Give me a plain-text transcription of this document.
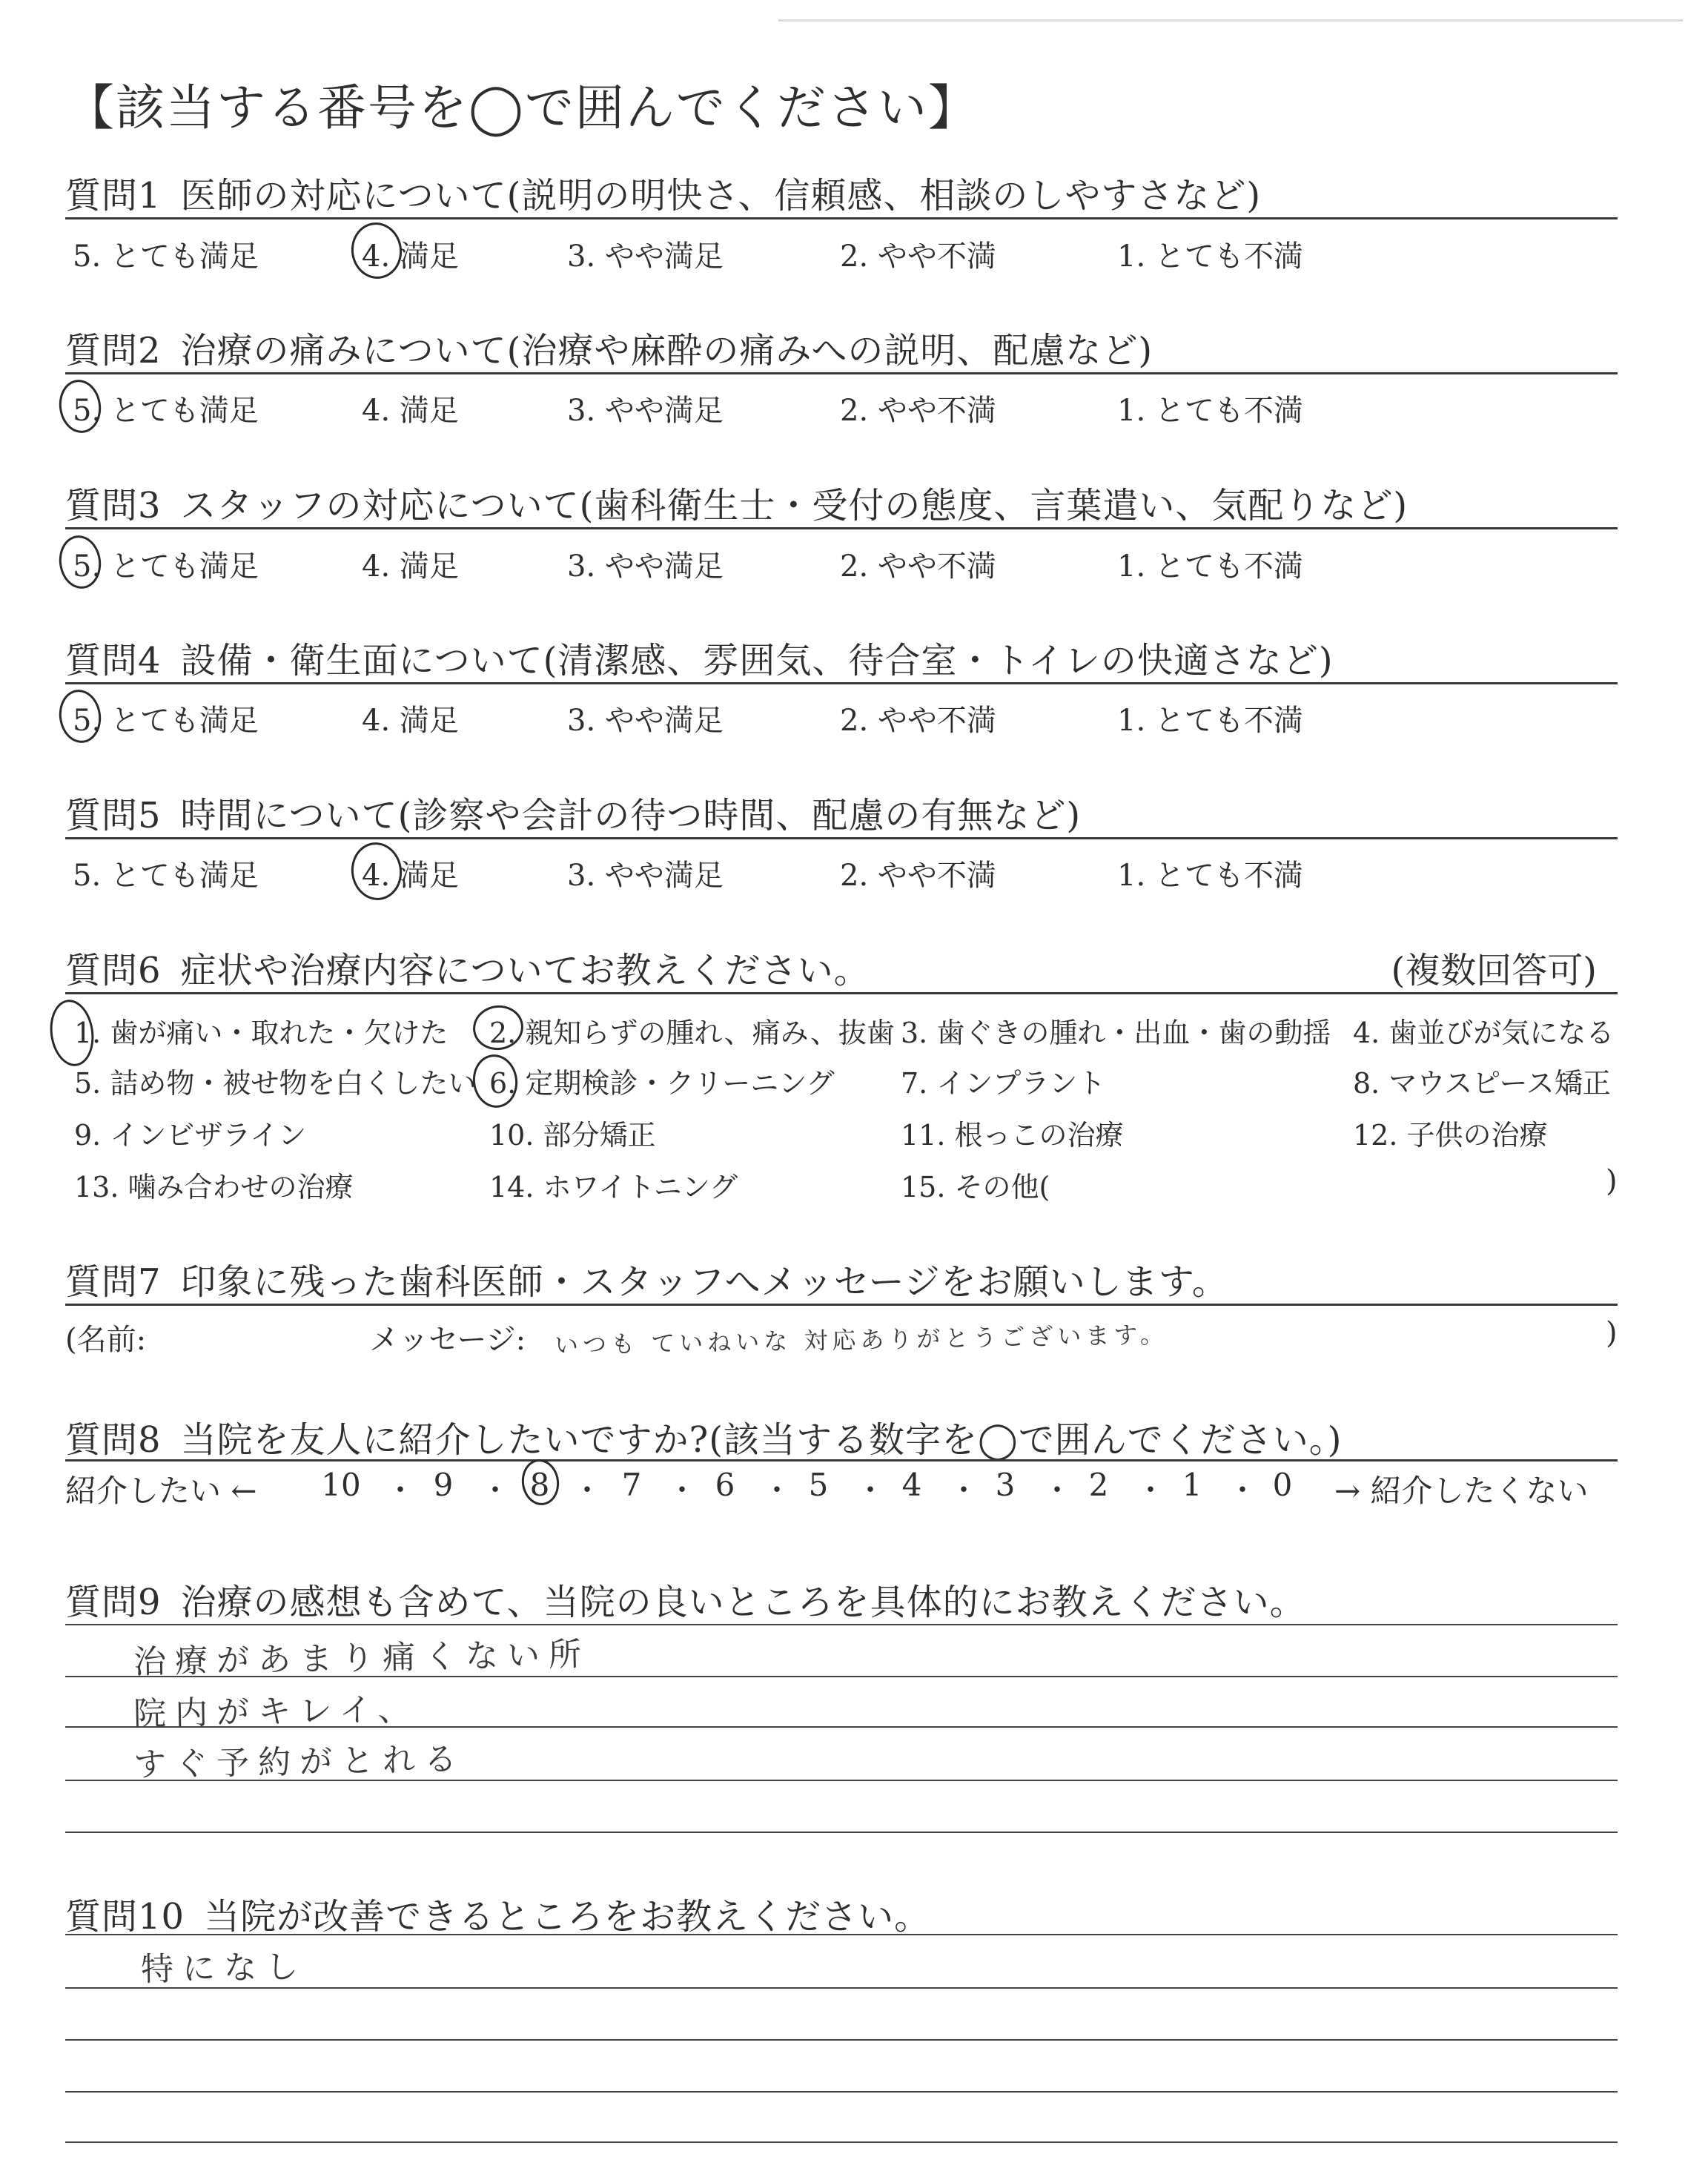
【該当する番号を◯で囲んでください】
質問1 医師の対応について(説明の明快さ、信頼感、相談のしやすさなど)
5. とても満足	4. 満足	3. やや満足	2. やや不満	1. とても不満
質問2 治療の痛みについて(治療や麻酔の痛みへの説明、配慮など)
5. とても満足	4. 満足	3. やや満足	2. やや不満	1. とても不満
質問3 スタッフの対応について(歯科衛生士・受付の態度、言葉遣い、気配りなど)
5. とても満足	4. 満足	3. やや満足	2. やや不満	1. とても不満
質問4 設備・衛生面について(清潔感、雰囲気、待合室・トイレの快適さなど)
5. とても満足	4. 満足	3. やや満足	2. やや不満	1. とても不満
質問5 時間について(診察や会計の待つ時間、配慮の有無など)
5. とても満足	4. 満足	3. やや満足	2. やや不満	1. とても不満
質問6 症状や治療内容についてお教えください。	(複数回答可)
1. 歯が痛い・取れた・欠けた 2. 親知らずの腫れ、痛み、抜歯 3. 歯ぐきの腫れ・出血・歯の動揺 4. 歯並びが気になる
5. 詰め物・被せ物を白くしたい 6. 定期検診・クリーニング 7. インプラント	8. マウスピース矯正
9. インビザライン	10. 部分矯正	11. 根っこの治療	12. 子供の治療
13. 噛み合わせの治療	14. ホワイトニング	15. その他(	)
質問7 印象に残った歯科医師・スタッフへメッセージをお願いします。
(名前:	メッセージ: いつも ていねいな 対応ありがとうございます。	)
質問8 当院を友人に紹介したいですか?(該当する数字を◯で囲んでください。)
紹介したい ←	→ 紹介したくない
10 ・ 9 ・ 8 ・ 7 ・ 6 ・ 5 ・ 4 ・ 3 ・ 2 ・ 1 ・ 0
質問9 治療の感想も含めて、当院の良いところを具体的にお教えください。
治療があまり痛くない所
院内がキレイ、
すぐ予約がとれる
質問10 当院が改善できるところをお教えください。
特になし
